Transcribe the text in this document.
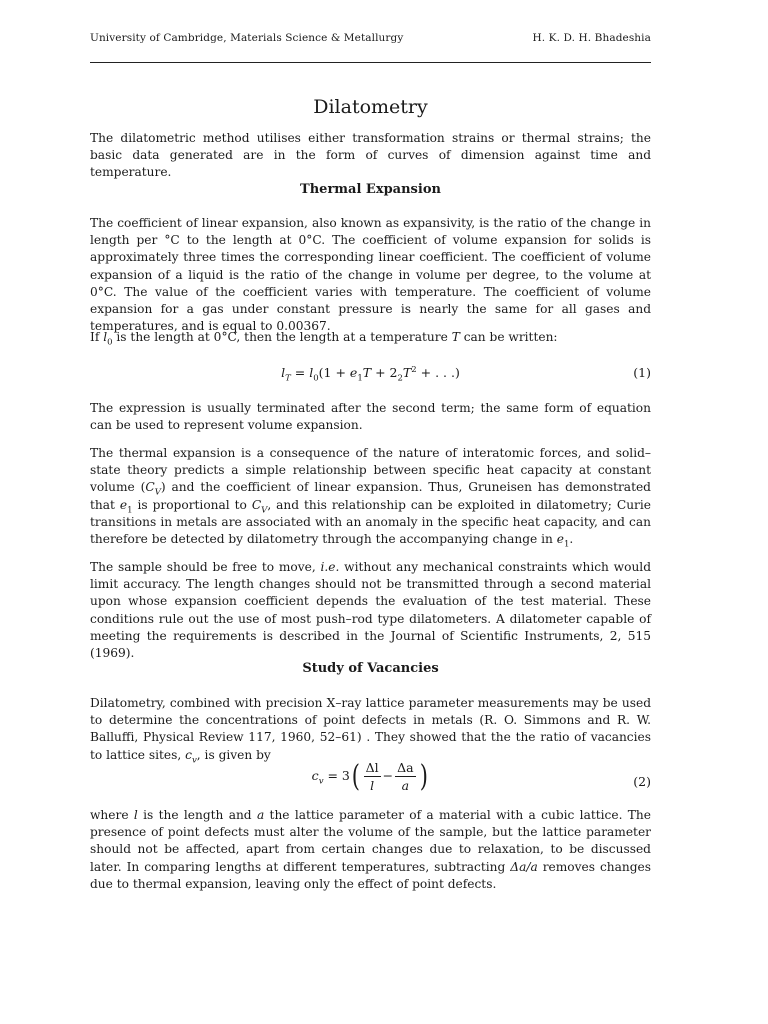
University of Cambridge, Materials Science & Metallurgy	H. K. D. H. Bhadeshia
Dilatometry

The dilatometric method utilises either transformation strains or thermal strains; the basic data generated are in the form of curves of dimension against time and temperature.

Thermal Expansion

The coefficient of linear expansion, also known as expansivity, is the ratio of the change in length per °C to the length at 0°C. The coefficient of volume expansion for solids is approximately three times the corresponding linear coefficient. The coefficient of volume expansion of a liquid is the ratio of the change in volume per degree, to the volume at 0°C. The value of the coefficient varies with temperature. The coefficient of volume expansion for a gas under constant pressure is nearly the same for all gases and temperatures, and is equal to 0.00367.

If $l_0$ is the length at 0°C, then the length at a temperature T can be written:

$l_T = l_0(1 + e_1T + 2_2T^2$ + . . .)	(1)

The expression is usually terminated after the second term; the same form of equation can be used to represent volume expansion.

The thermal expansion is a consequence of the nature of interatomic forces, and solid–state theory predicts a simple relationship between specific heat capacity at constant volume $(C_V)$ and the coefficient of linear expansion. Thus, Gruneisen has demonstrated that $e_1$ is proportional to $C_V$, and this relationship can be exploited in dilatometry; Curie transitions in metals are associated with an anomaly in the specific heat capacity, and can therefore be detected by dilatometry through the accompanying change in $e_1$.

The sample should be free to move, i.e. without any mechanical constraints which would limit accuracy. The length changes should not be transmitted through a second material upon whose expansion coefficient depends the evaluation of the test material. These conditions rule out the use of most push–rod type dilatometers. A dilatometer capable of meeting the requirements is described in the Journal of Scientific Instruments, 2, 515 (1969).

Study of Vacancies

Dilatometry, combined with precision X–ray lattice parameter measurements may be used to determine the concentrations of point defects in metals (R. O. Simmons and R. W. Balluffi, Physical Review 117, 1960, 52–61) . They showed that the the ratio of vacancies to lattice sites, $c_v$, is given by

$c_v = 3( \frac{\Delta l}{l} - \frac{\Delta a}{a}$ )	(2)

where l is the length and a the lattice parameter of a material with a cubic lattice. The presence of point defects must alter the volume of the sample, but the lattice parameter should not be affected, apart from certain changes due to relaxation, to be discussed later. In comparing lengths at different temperatures, subtracting Δa/a removes changes due to thermal expansion, leaving only the effect of point defects.
